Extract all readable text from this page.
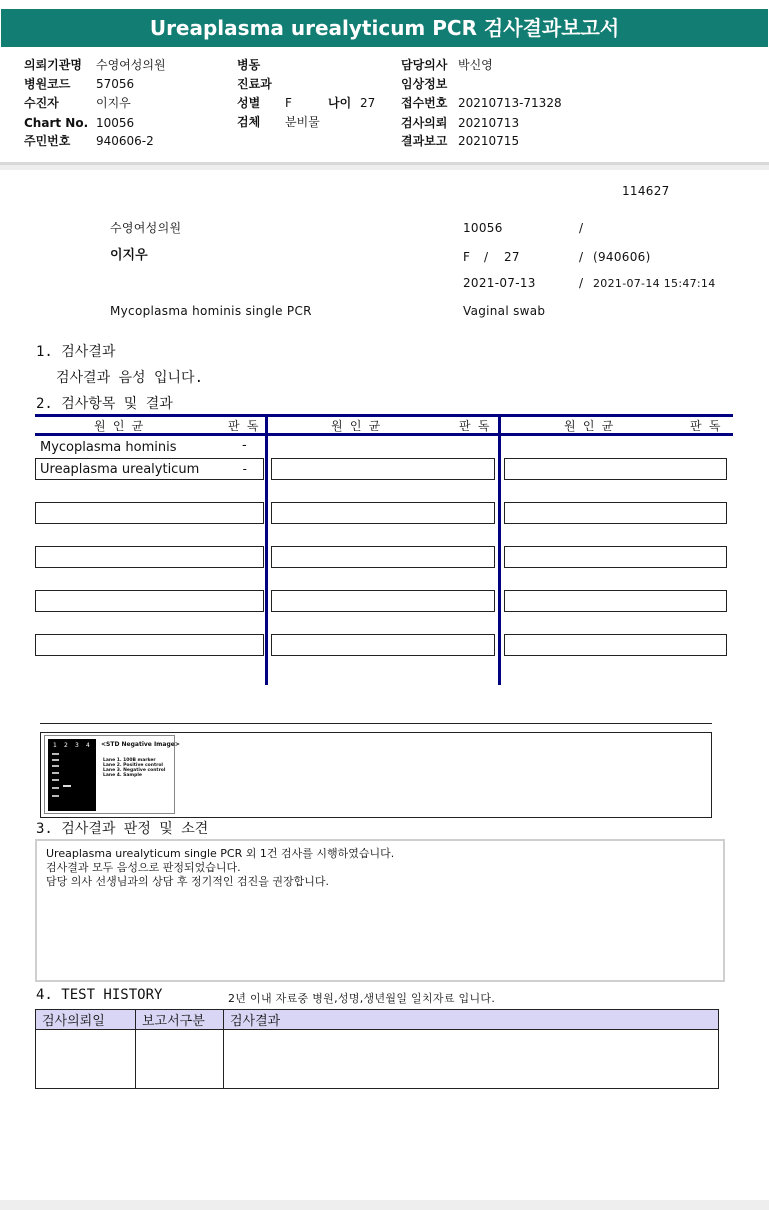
Ureaplasma urealyticum PCR 검사결과보고서
의뢰기관명 수영여성의원
병원코드 57056
수진자	이지우
Chart No. 10056
주민번호 940606-2
병동
진료과
성별 F	나이 27
검체 분비물
담당의사 박신영
임상정보
접수번호 20210713-71328
검사의뢰 20210713
결과보고 20210715
114627
수영여성의원	10056	/
이지우	F / 27	/ (940606)
2021-07-13	/ 2021-07-14 15:47:14
Mycoplasma hominis single PCR	Vaginal swab
1. 검사결과
검사결과 음성 입니다.
2. 검사항목 및 결과
원 인 균	판 독	원 인 균	판 독	원 인 균	판 독
Mycoplasma hominis	-
Ureaplasma urealyticum	-
1 2 3 4 <STD Negative Image>
Lane 1. 100B marker
Lane 2. Positive control
Lane 3. Negative control
Lane 4. Sample
3. 검사결과 판정 및 소견
Ureaplasma urealyticum single PCR 외 1건 검사를 시행하였습니다.
검사결과 모두 음성으로 판정되었습니다.
담당 의사 선생님과의 상담 후 정기적인 검진을 권장합니다.
4. TEST HISTORY	2년 이내 자료중 병원,성명,생년월일 일치자료 입니다.
검사의뢰일	보고서구분	검사결과
